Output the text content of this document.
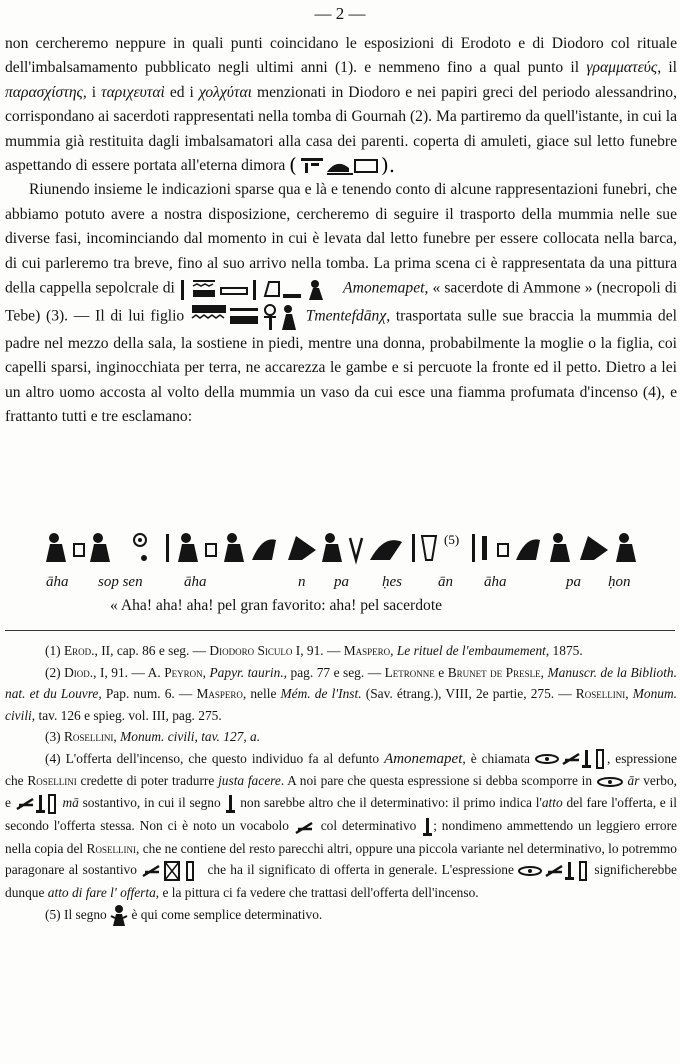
— 2 —

non cercheremo neppure in quali punti coincidano le esposizioni di Erodoto e di Diodoro col rituale dell'imbalsamamento pubblicato negli ultimi anni (1). e nemmeno fino a qual punto il γραμματεύς, il παρασχίστης, i ταριχευταὶ ed i χολχύται menzionati in Diodoro e nei papiri greci del periodo alessandrino, corrispondano ai sacerdoti rappresentati nella tomba di Gournah (2). Ma partiremo da quell'istante, in cui la mummia già restituita dagli imbalsamatori alla casa dei parenti. coperta di amuleti, giace sul letto funebre aspettando di essere portata all'eterna dimora (	).

Riunendo insieme le indicazioni sparse qua e là e tenendo conto di alcune rappresentazioni funebri, che abbiamo potuto avere a nostra disposizione, cercheremo di seguire il trasporto della mummia nelle sue diverse fasi, incominciando dal momento in cui è levata dal letto funebre per essere collocata nella barca, di cui parleremo tra breve, fino al suo arrivo nella tomba. La prima scena ci è rappresentata da una pittura della cappella sepolcrale di	Amonemapet, « sacerdote di Ammone » (necropoli di Tebe) (3). — Il di lui figlio	Tmentefdānχ, trasportata sulle sue braccia la mummia del padre nel mezzo della sala, la sostiene in piedi, mentre una donna, probabilmente la moglie o la figlia, coi capelli sparsi, inginocchiata per terra, ne accarezza le gambe e si percuote la fronte ed il petto. Dietro a lei un altro uomo accosta al volto della mummia un vaso da cui esce una fiamma profumata d'incenso (4), e frattanto tutti e tre esclamano:

(5)
āha sop sen	āha	n pa ḥes ān āha	pa ḥon
« Aha! aha! aha! pel gran favorito: aha! pel sacerdote

(1) Erod., II, cap. 86 e seg. — Diodoro Siculo I, 91. — Maspero, Le rituel de l'embaumement, 1875.

(2) Diod., I, 91. — A. Peyron, Papyr. taurin., pag. 77 e seg. — Letronne e Brunet de Presle, Manuscr. de la Biblioth. nat. et du Louvre, Pap. num. 6. — Maspero, nelle Mém. de l'Inst. (Sav. étrang.), VIII, 2e partie, 275. — Rosellini, Monum. civili, tav. 126 e spieg. vol. III, pag. 275.

(3) Rosellini, Monum. civili, tav. 127, a.

(4) L'offerta dell'incenso, che questo individuo fa al defunto Amonemapet, è chiamata	, espressione che Rosellini credette di poter tradurre justa facere. A noi pare che questa espressione si debba scomporre in	ār verbo, e	mā sostantivo, in cui il segno non sarebbe altro che il determinativo: il primo indica l'atto del fare l'offerta, e il secondo l'offerta stessa. Non ci è noto un vocabolo col determinativo ; nondimeno ammettendo un leggiero errore nella copia del Rosellini, che ne contiene del resto parecchi altri, oppure una piccola variante nel determinativo, lo potremmo paragonare al sostantivo	che ha il significato di offerta in generale. L'espressione	significherebbe dunque atto di fare l' offerta, e la pittura ci fa vedere che trattasi dell'offerta dell'incenso.

(5) Il segno è qui come semplice determinativo.
